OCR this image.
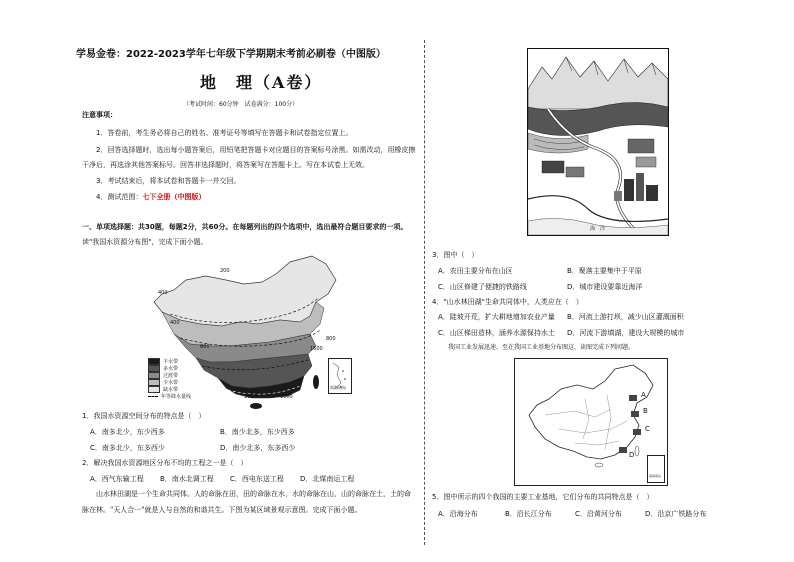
学易金卷：2022-2023学年七年级下学期期末考前必刷卷（中图版）
地　理（A卷）
（考试时间：60分钟　试卷满分：100分）
注意事项：
1．答卷前，考生务必将自己的姓名、准考证号等填写在答题卡和试卷指定位置上。
2．回答选择题时，选出每小题答案后，用铅笔把答题卡对应题目的答案标号涂黑。如需改动，用橡皮擦
干净后，再选涂其他答案标号。回答非选择题时，将答案写在答题卡上。写在本试卷上无效。
3．考试结束后，将本试卷和答题卡一并交回。
4．测试范围：七下全册（中图版）
一、单项选择题：共30题，每题2分，共60分。在每题列出的四个选项中，选出最符合题目要求的一项。
读"我国水资源分布图"，完成下面小题。
200
400
800	1600
1600
1600
400
800
丰水带
多水带
过渡带
少水带
缺水带
年等降水量线
南海诸岛
1．我国水资源空间分布的特点是（　）
A．南多北少，东少西多	B．南少北多，东少西多
C．南多北少，东多西少	D．南少北多，东多西少
2．解决我国水资源地区分布不均的工程之一是（　）
A．西气东输工程 B．南水北调工程 C．西电东送工程 D．北煤南运工程
山水林田湖是一个生命共同体。人的命脉在田，田的命脉在水，水的命脉在山，山的命脉在土，土的命
脉在林。"天人合一"就是人与自然的和谐共生。下图为某区域景观示意图。完成下面小题。
海　洋
3．图中（　）
A．农田主要分布在山区	B．聚落主要集中于平原
C．山区修建了便捷的铁路线	D．城市建设要靠近海洋
4．"山水林田湖"生命共同体中，人类应在（　）
A．陡坡开荒，扩大耕地增加农业产量 B．河流上游打坝，减少山区灌溉面积
C．山区梯田造林，涵养水源保持水土 D．河流下游填湖，建设大规模的城市
我国工业发展迅速，至在我国工业基地分布图这，读图完成下列问题。
A
B
C
D
南海诸岛
5．图中所示的四个我国的主要工业基地，它们分布的共同特点是（　）
A．沿海分布	B．沿长江分布	C．沿黄河分布	D．沿京广铁路分布
